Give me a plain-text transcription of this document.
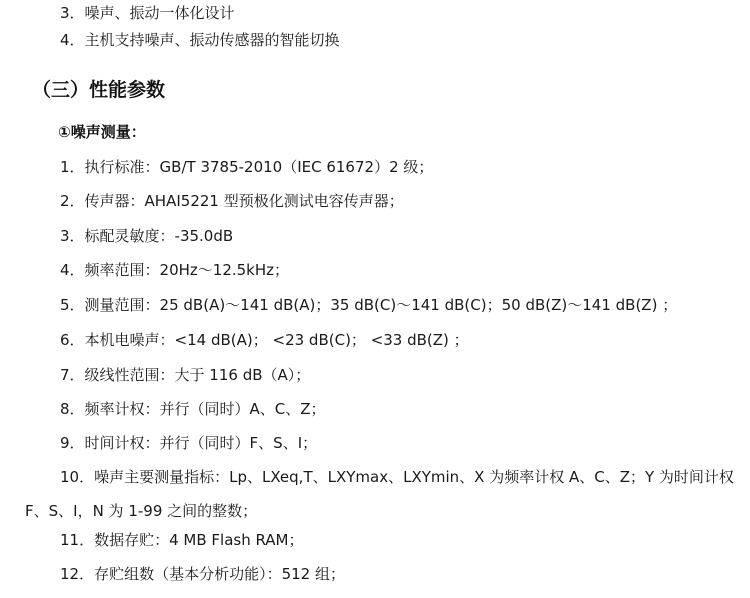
3．噪声、振动一体化设计
4．主机支持噪声、振动传感器的智能切换
（三）性能参数
①噪声测量：
1．执行标准：GB/T 3785-2010（IEC 61672）2 级；
2．传声器：AHAI5221 型预极化测试电容传声器；
3．标配灵敏度：-35.0dB
4．频率范围：20Hz～12.5kHz；
5．测量范围：25 dB(A)～141 dB(A)；35 dB(C)～141 dB(C)；50 dB(Z)～141 dB(Z) ；
6．本机电噪声：<14 dB(A)； <23 dB(C)； <33 dB(Z) ；
7．级线性范围：大于 116 dB（A）；
8．频率计权：并行（同时）A、C、Z；
9．时间计权：并行（同时）F、S、I；
10．噪声主要测量指标：Lp、LXeq,T、LXYmax、LXYmin、X 为频率计权 A、C、Z；Y 为时间计权 F、S、I，N 为 1-99 之间的整数；
11．数据存贮：4 MB Flash RAM；
12．存贮组数（基本分析功能）：512 组；
